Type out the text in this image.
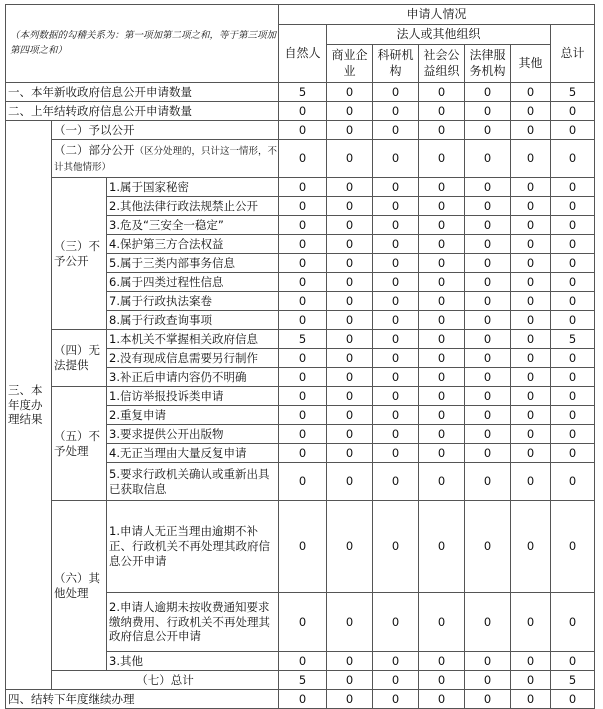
（本列数据的勾稽关系为：第一项加第二项之和，等于第三项加第四项之和）			申请人情况						
			自然人	法人或其他组织					总计
				商业企业	科研机构	社会公益组织	法律服务机构	其他	
一、本年新收政府信息公开申请数量			5	0	0	0	0	0	5
二、上年结转政府信息公开申请数量			0	0	0	0	0	0	0
三、本年度办理结果	（一）予以公开		0	0	0	0	0	0	0
	（二）部分公开（区分处理的，只计这一情形，不计其他情形）		0	0	0	0	0	0	0
	（三）不予公开	1.属于国家秘密	0	0	0	0	0	0	0
		2.其他法律行政法规禁止公开	0	0	0	0	0	0	0
		3.危及“三安全一稳定”	0	0	0	0	0	0	0
		4.保护第三方合法权益	0	0	0	0	0	0	0
		5.属于三类内部事务信息	0	0	0	0	0	0	0
		6.属于四类过程性信息	0	0	0	0	0	0	0
		7.属于行政执法案卷	0	0	0	0	0	0	0
		8.属于行政查询事项	0	0	0	0	0	0	0
	（四）无法提供	1.本机关不掌握相关政府信息	5	0	0	0	0	0	5
		2.没有现成信息需要另行制作	0	0	0	0	0	0	0
		3.补正后申请内容仍不明确	0	0	0	0	0	0	0
	（五）不予处理	1.信访举报投诉类申请	0	0	0	0	0	0	0
		2.重复申请	0	0	0	0	0	0	0
		3.要求提供公开出版物	0	0	0	0	0	0	0
		4.无正当理由大量反复申请	0	0	0	0	0	0	0
		5.要求行政机关确认或重新出具已获取信息	0	0	0	0	0	0	0
	（六）其他处理	1.申请人无正当理由逾期不补正、行政机关不再处理其政府信息公开申请	0	0	0	0	0	0	0
		2.申请人逾期未按收费通知要求缴纳费用、行政机关不再处理其政府信息公开申请	0	0	0	0	0	0	0
		3.其他	0	0	0	0	0	0	0
	（七）总计		5	0	0	0	0	0	5
四、结转下年度继续办理			0	0	0	0	0	0	0
